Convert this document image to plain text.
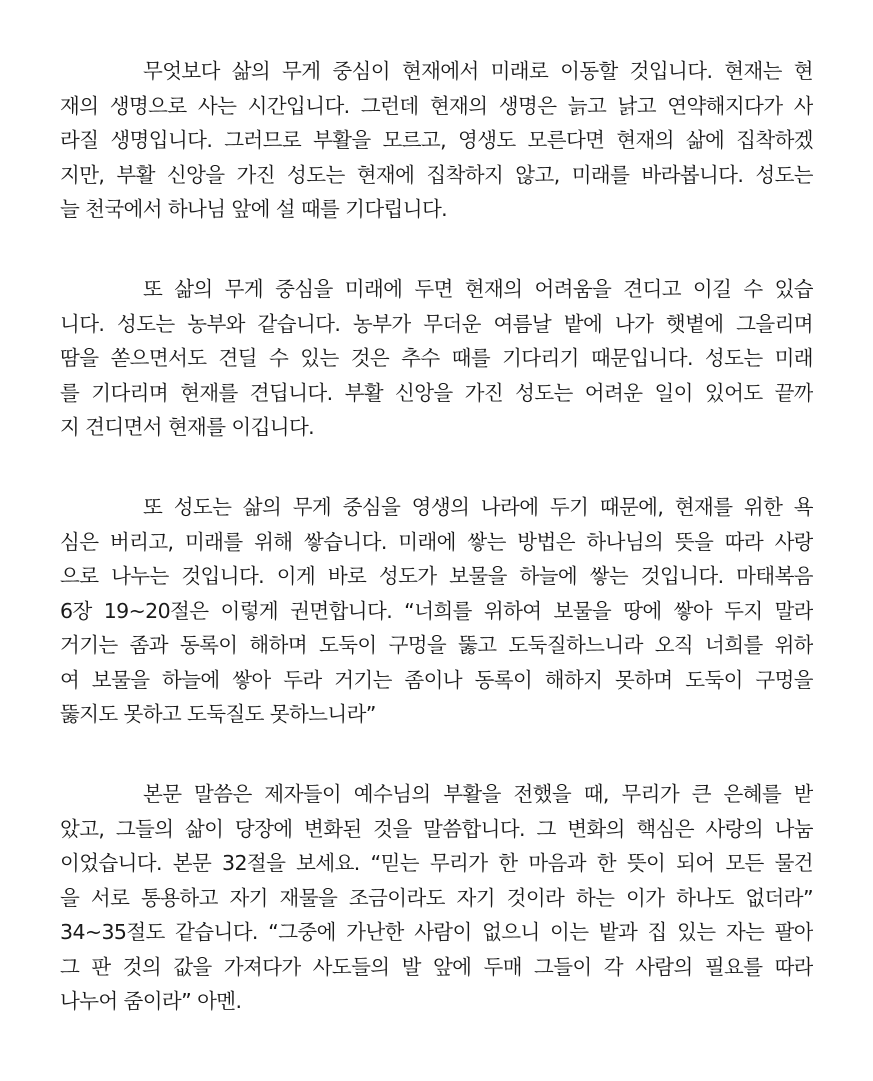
무엇보다 삶의 무게 중심이 현재에서 미래로 이동할 것입니다. 현재는 현
재의 생명으로 사는 시간입니다. 그런데 현재의 생명은 늙고 낡고 연약해지다가 사
라질 생명입니다. 그러므로 부활을 모르고, 영생도 모른다면 현재의 삶에 집착하겠
지만, 부활 신앙을 가진 성도는 현재에 집착하지 않고, 미래를 바라봅니다. 성도는
늘 천국에서 하나님 앞에 설 때를 기다립니다.
또 삶의 무게 중심을 미래에 두면 현재의 어려움을 견디고 이길 수 있습
니다. 성도는 농부와 같습니다. 농부가 무더운 여름날 밭에 나가 햇볕에 그을리며
땀을 쏟으면서도 견딜 수 있는 것은 추수 때를 기다리기 때문입니다. 성도는 미래
를 기다리며 현재를 견딥니다. 부활 신앙을 가진 성도는 어려운 일이 있어도 끝까
지 견디면서 현재를 이깁니다.
또 성도는 삶의 무게 중심을 영생의 나라에 두기 때문에, 현재를 위한 욕
심은 버리고, 미래를 위해 쌓습니다. 미래에 쌓는 방법은 하나님의 뜻을 따라 사랑
으로 나누는 것입니다. 이게 바로 성도가 보물을 하늘에 쌓는 것입니다. 마태복음
6장 19~20절은 이렇게 권면합니다. “너희를 위하여 보물을 땅에 쌓아 두지 말라
거기는 좀과 동록이 해하며 도둑이 구멍을 뚫고 도둑질하느니라 오직 너희를 위하
여 보물을 하늘에 쌓아 두라 거기는 좀이나 동록이 해하지 못하며 도둑이 구멍을
뚫지도 못하고 도둑질도 못하느니라”
본문 말씀은 제자들이 예수님의 부활을 전했을 때, 무리가 큰 은혜를 받
았고, 그들의 삶이 당장에 변화된 것을 말씀합니다. 그 변화의 핵심은 사랑의 나눔
이었습니다. 본문 32절을 보세요. “믿는 무리가 한 마음과 한 뜻이 되어 모든 물건
을 서로 통용하고 자기 재물을 조금이라도 자기 것이라 하는 이가 하나도 없더라”
34~35절도 같습니다. “그중에 가난한 사람이 없으니 이는 밭과 집 있는 자는 팔아
그 판 것의 값을 가져다가 사도들의 발 앞에 두매 그들이 각 사람의 필요를 따라
나누어 줌이라” 아멘.
